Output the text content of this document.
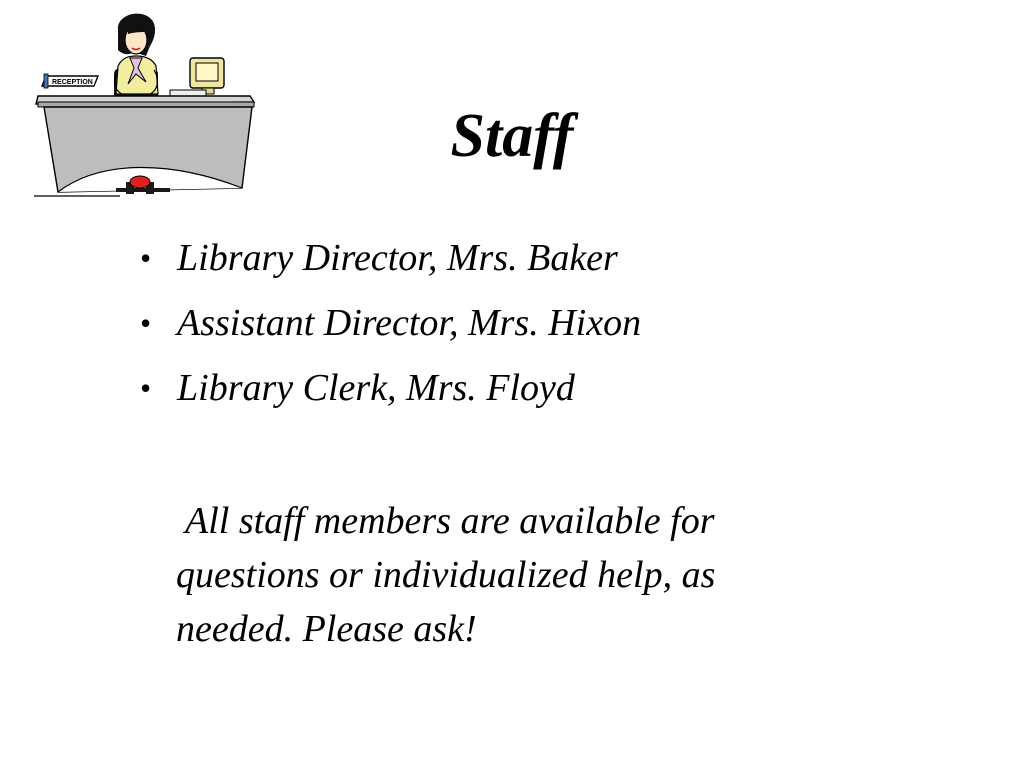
RECEPTION
Staff
• Library Director, Mrs. Baker
• Assistant Director, Mrs. Hixon
• Library Clerk, Mrs. Floyd

All staff members are available for
questions or individualized help, as
needed. Please ask!
